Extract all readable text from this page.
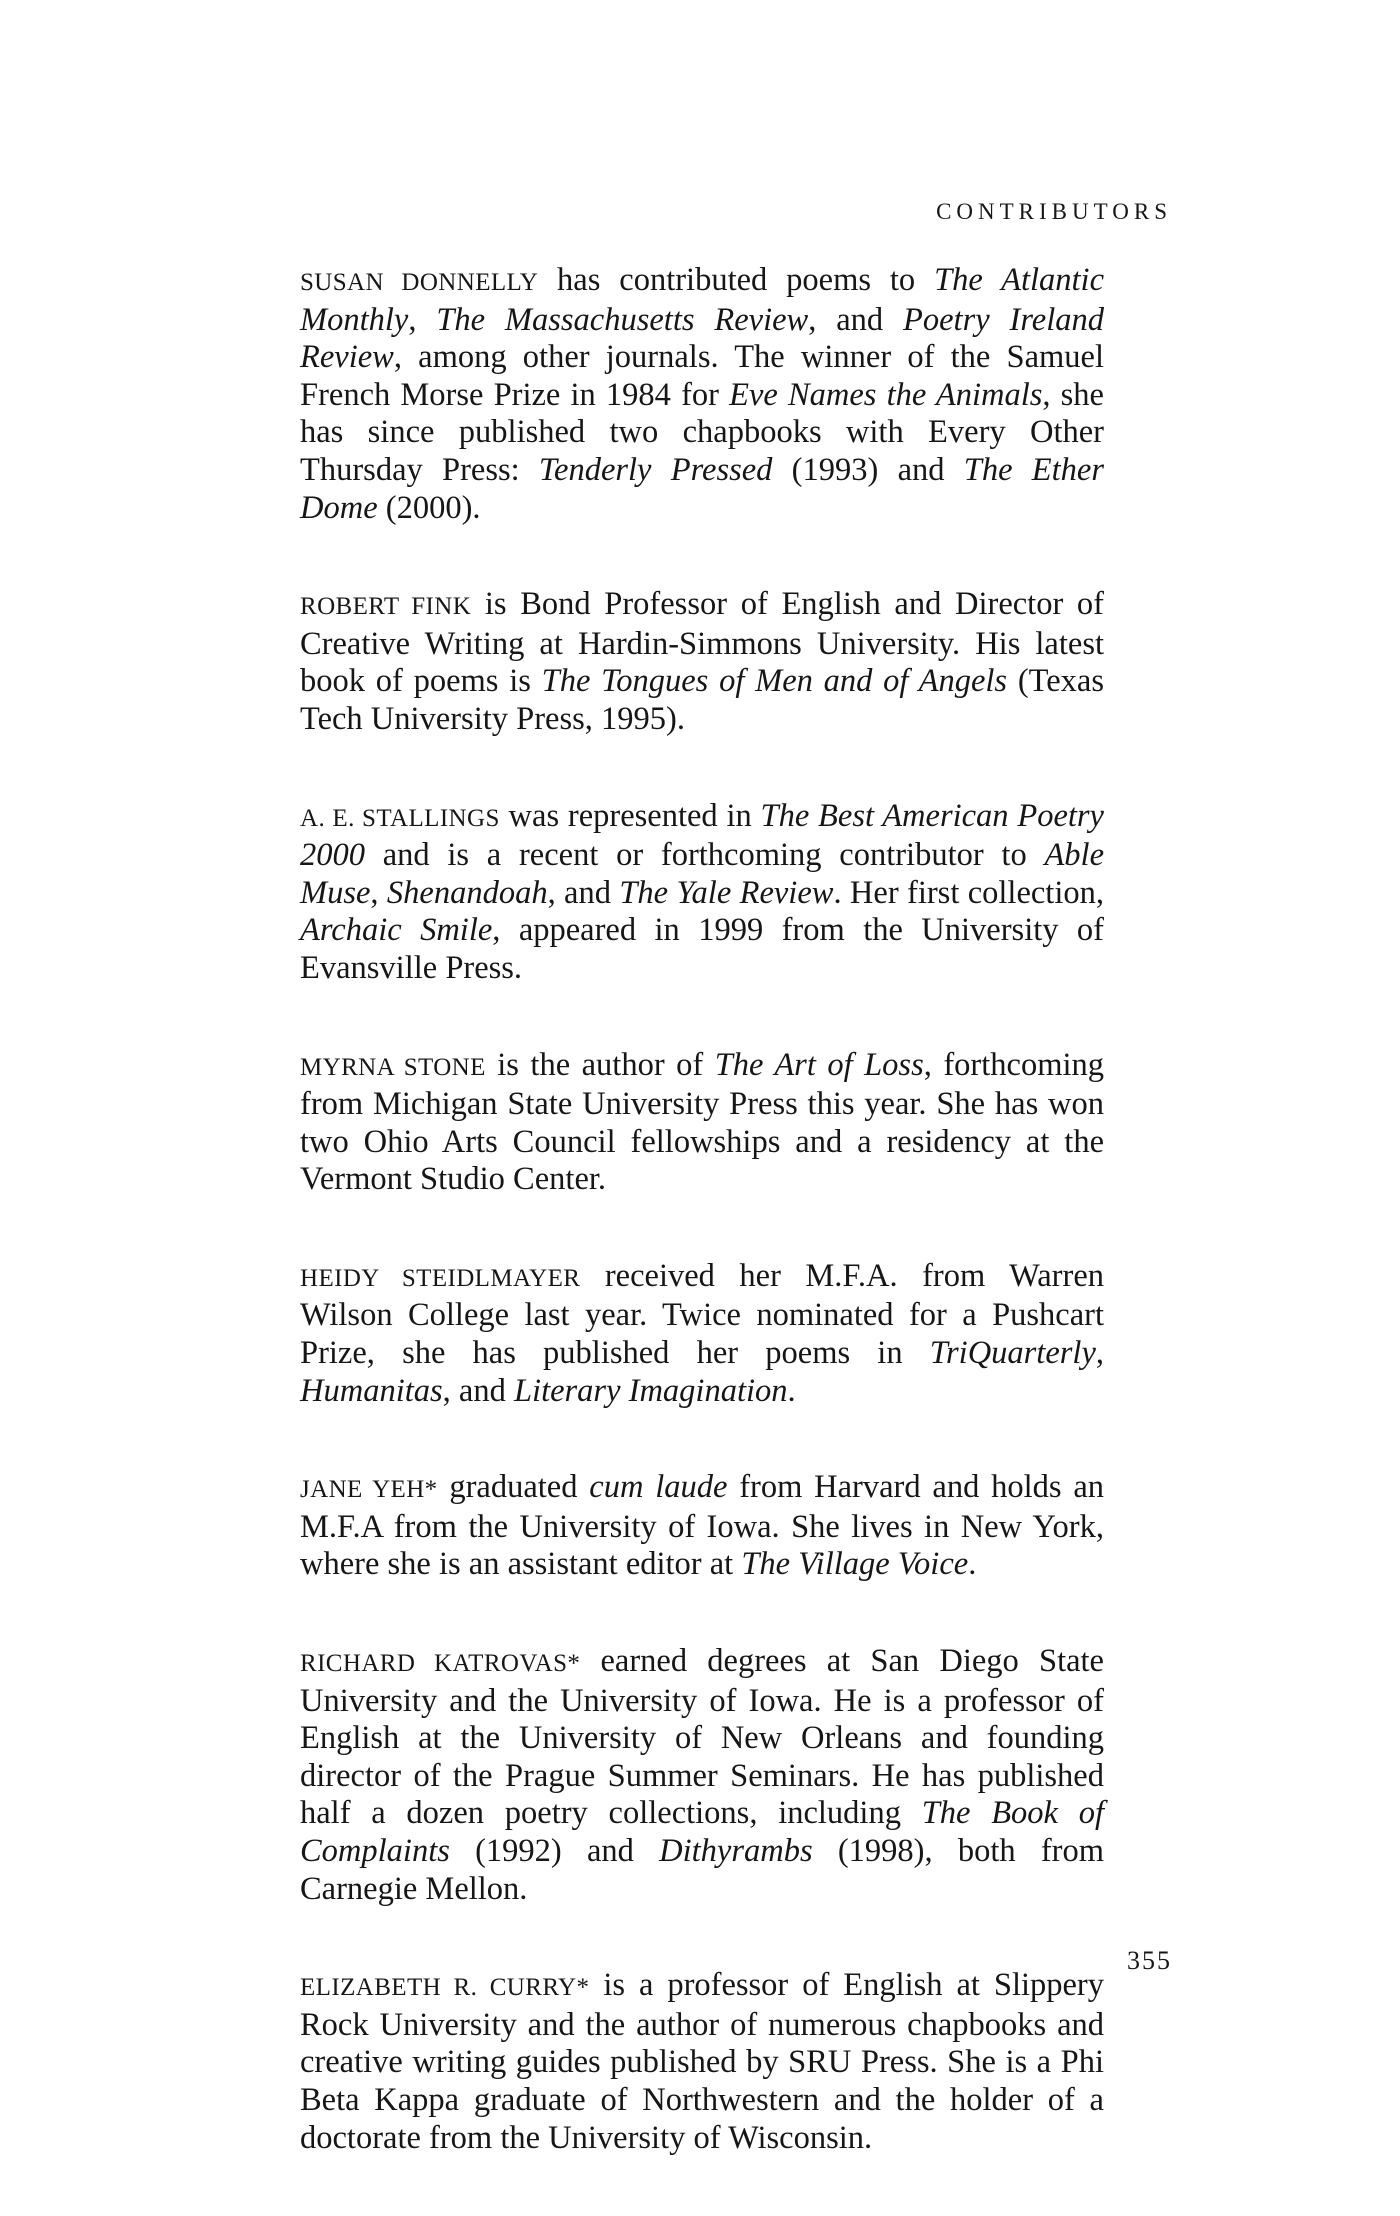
CONTRIBUTORS

SUSAN DONNELLY has contributed poems to The Atlantic Monthly, The Massachusetts Review, and Poetry Ireland Review, among other journals. The winner of the Samuel French Morse Prize in 1984 for Eve Names the Animals, she has since published two chapbooks with Every Other Thursday Press: Tenderly Pressed (1993) and The Ether Dome (2000).

ROBERT FINK is Bond Professor of English and Director of Creative Writing at Hardin-Simmons University. His latest book of poems is The Tongues of Men and of Angels (Texas Tech University Press, 1995).

A. E. STALLINGS was represented in The Best American Poetry 2000 and is a recent or forthcoming contributor to Able Muse, Shenandoah, and The Yale Review. Her first collection, Archaic Smile, appeared in 1999 from the University of Evansville Press.

MYRNA STONE is the author of The Art of Loss, forthcoming from Michigan State University Press this year. She has won two Ohio Arts Council fellowships and a residency at the Vermont Studio Center.

HEIDY STEIDLMAYER received her M.F.A. from Warren Wilson College last year. Twice nominated for a Pushcart Prize, she has published her poems in TriQuarterly, Humanitas, and Literary Imagination.

JANE YEH* graduated cum laude from Harvard and holds an M.F.A from the University of Iowa. She lives in New York, where she is an assistant editor at The Village Voice.

RICHARD KATROVAS* earned degrees at San Diego State University and the University of Iowa. He is a professor of English at the University of New Orleans and founding director of the Prague Summer Seminars. He has published half a dozen poetry collections, including The Book of Complaints (1992) and Dithyrambs (1998), both from Carnegie Mellon.

ELIZABETH R. CURRY* is a professor of English at Slippery Rock University and the author of numerous chapbooks and creative writing guides published by SRU Press. She is a Phi Beta Kappa graduate of Northwestern and the holder of a doctorate from the University of Wisconsin.

355
